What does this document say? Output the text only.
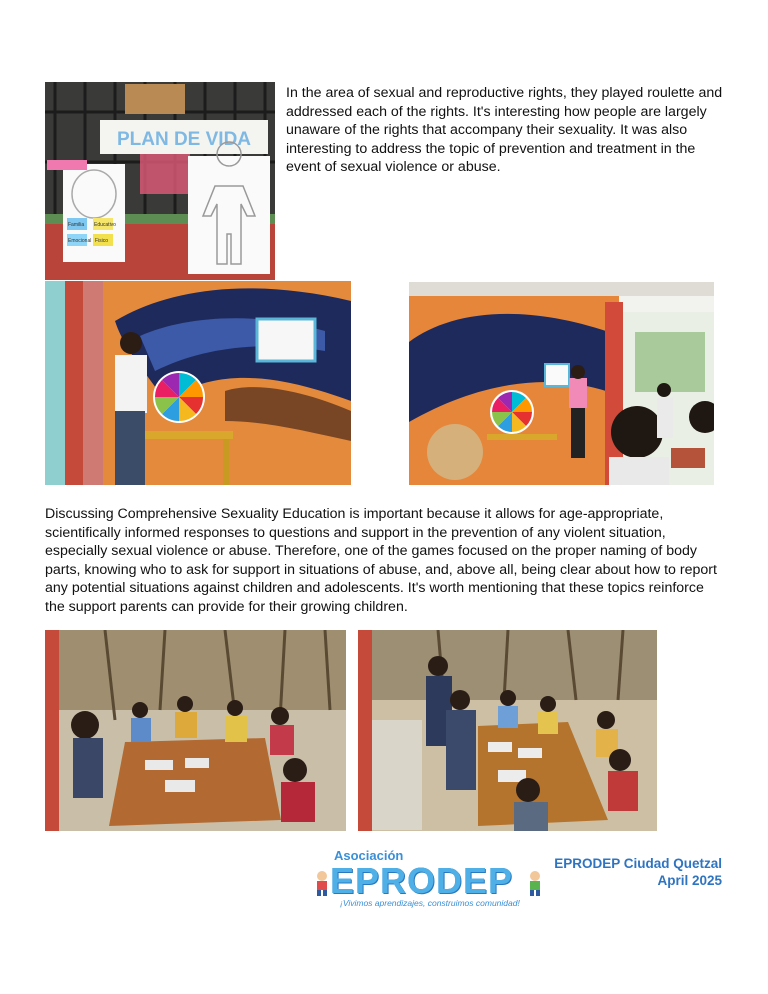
PLAN DE VIDA
Familia Educativo
Emocional Fisico

In the area of sexual and reproductive rights, they played roulette and addressed each of the rights. It's interesting how people are largely unaware of the rights that accompany their sexuality. It was also interesting to address the topic of prevention and treatment in the event of sexual violence or abuse.

Discussing Comprehensive Sexuality Education is important because it allows for age-appropriate, scientifically informed responses to questions and support in the prevention of any violent situation, especially sexual violence or abuse. Therefore, one of the games focused on the proper naming of body parts, knowing who to ask for support in situations of abuse, and, above all, being clear about how to report any potential situations against children and adolescents. It's worth mentioning that these topics reinforce the support parents can provide for their growing children.

Asociación
EPRODEP
¡Vivimos aprendizajes, construimos comunidad!
EPRODEP Ciudad Quetzal
April 2025
